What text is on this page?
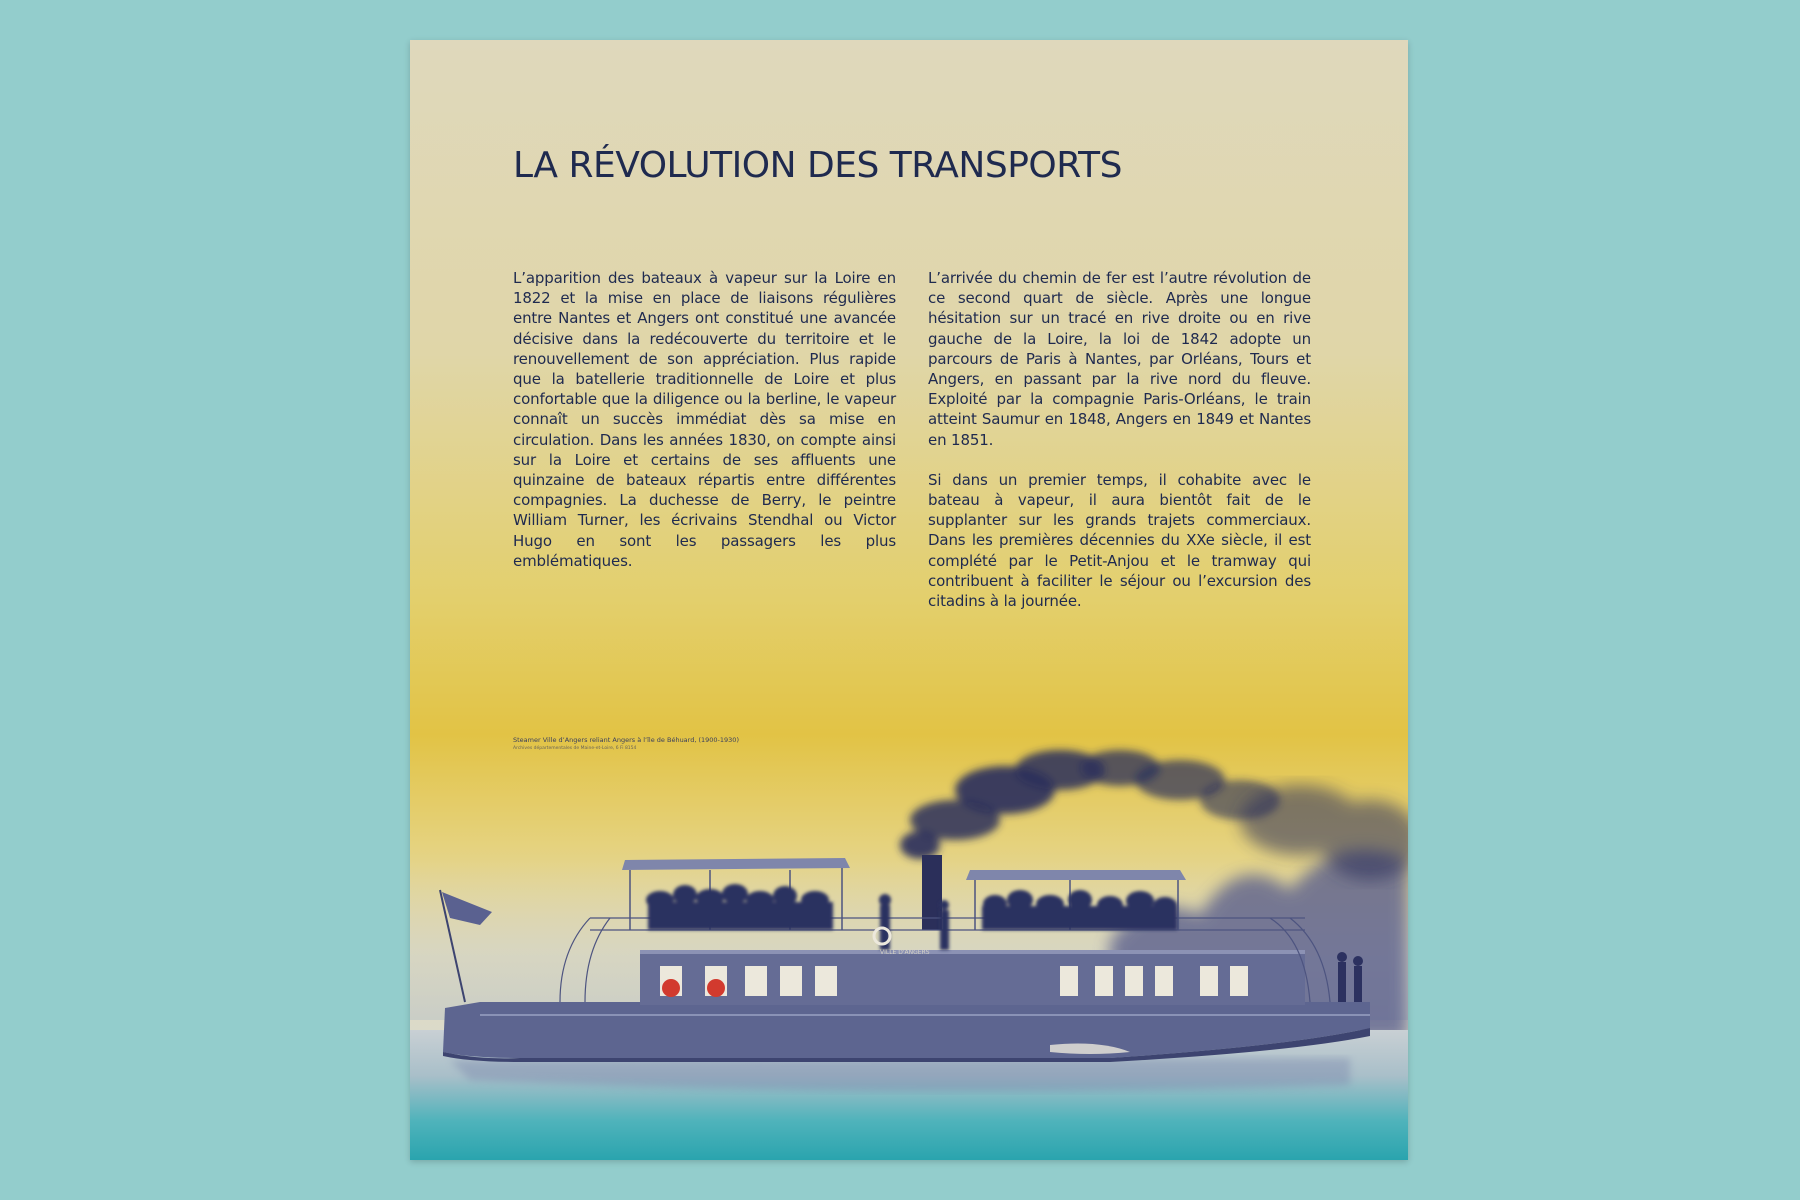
LA RÉVOLUTION DES TRANSPORTS

L’apparition des bateaux à vapeur sur la Loire en 1822 et la mise en place de liaisons régulières entre Nantes et Angers ont constitué une avancée décisive dans la redécouverte du territoire et le renouvellement de son appréciation. Plus rapide que la batellerie traditionnelle de Loire et plus confortable que la diligence ou la berline, le vapeur connaît un succès immédiat dès sa mise en circulation. Dans les années 1830, on compte ainsi sur la Loire et certains de ses affluents une quinzaine de bateaux répartis entre différentes compagnies. La duchesse de Berry, le peintre William Turner, les écrivains Stendhal ou Victor Hugo en sont les passagers les plus emblématiques.

L’arrivée du chemin de fer est l’autre révolution de ce second quart de siècle. Après une longue hésitation sur un tracé en rive droite ou en rive gauche de la Loire, la loi de 1842 adopte un parcours de Paris à Nantes, par Orléans, Tours et Angers, en passant par la rive nord du fleuve. Exploité par la compagnie Paris-Orléans, le train atteint Saumur en 1848, Angers en 1849 et Nantes en 1851.

Si dans un premier temps, il cohabite avec le bateau à vapeur, il aura bientôt fait de le supplanter sur les grands trajets commerciaux. Dans les premières décennies du XXe siècle, il est complété par le Petit-Anjou et le tramway qui contribuent à faciliter le séjour ou l’excursion des citadins à la journée.

Steamer Ville d’Angers reliant Angers à l’île de Béhuard, (1900-1930)
Archives départementales de Maine-et-Loire, 6 Fi 8154
VILLE D'ANGERS
